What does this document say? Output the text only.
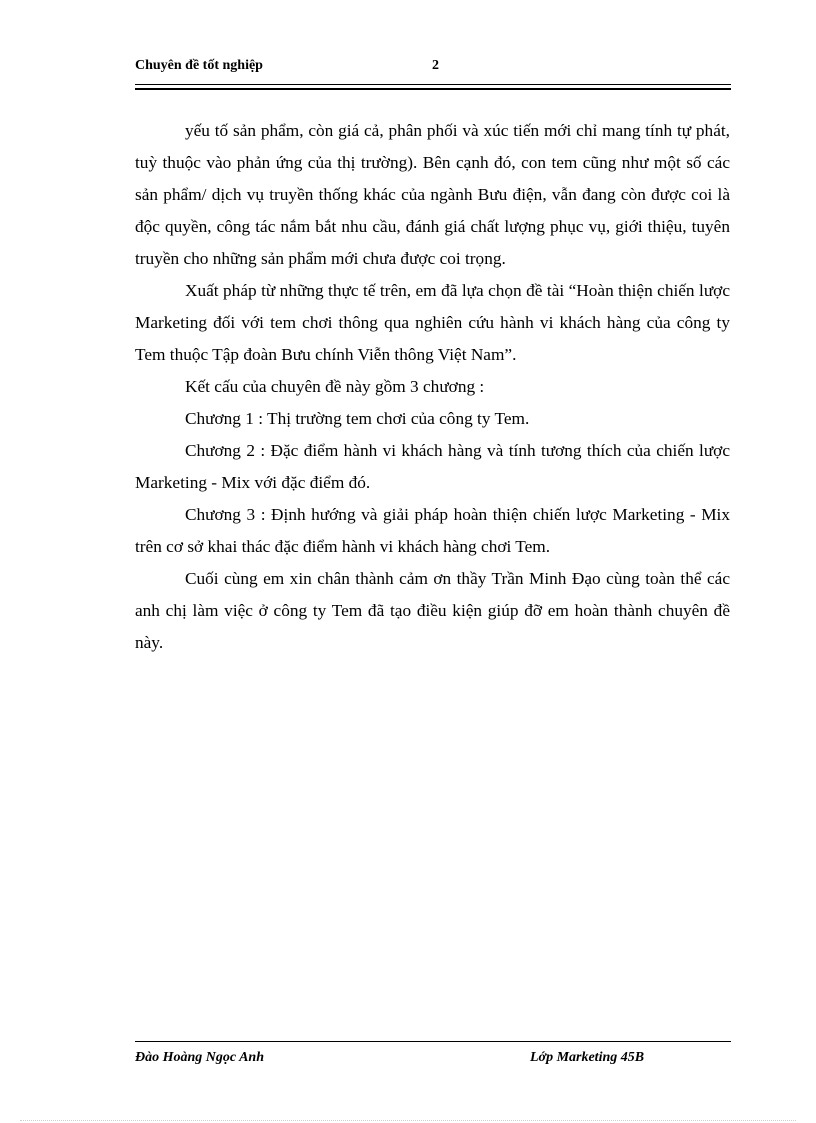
Chuyên đề tốt nghiệp	2

yếu tố sản phẩm, còn giá cả, phân phối và xúc tiến mới chỉ mang tính tự phát, tuỳ thuộc vào phản ứng của thị trường). Bên cạnh đó, con tem cũng như một số các sản phẩm/ dịch vụ truyền thống khác của ngành Bưu điện, vẫn đang còn được coi là độc quyền, công tác nắm bắt nhu cầu, đánh giá chất lượng phục vụ, giới thiệu, tuyên truyền cho những sản phẩm mới chưa được coi trọng.

Xuất pháp từ những thực tế trên, em đã lựa chọn đề tài “Hoàn thiện chiến lược Marketing đối với tem chơi thông qua nghiên cứu hành vi khách hàng của công ty Tem thuộc Tập đoàn Bưu chính Viễn thông Việt Nam”.

Kết cấu của chuyên đề này gồm 3 chương :

Chương 1 : Thị trường tem chơi của công ty Tem.

Chương 2 : Đặc điểm hành vi khách hàng và tính tương thích của chiến lược Marketing - Mix với đặc điểm đó.

Chương 3 : Định hướng và giải pháp hoàn thiện chiến lược Marketing - Mix trên cơ sở khai thác đặc điểm hành vi khách hàng chơi Tem.

Cuối cùng em xin chân thành cảm ơn thầy Trần Minh Đạo cùng toàn thể các anh chị làm việc ở công ty Tem đã tạo điều kiện giúp đỡ em hoàn thành chuyên đề này.

Đào Hoàng Ngọc Anh	Lớp Marketing 45B
